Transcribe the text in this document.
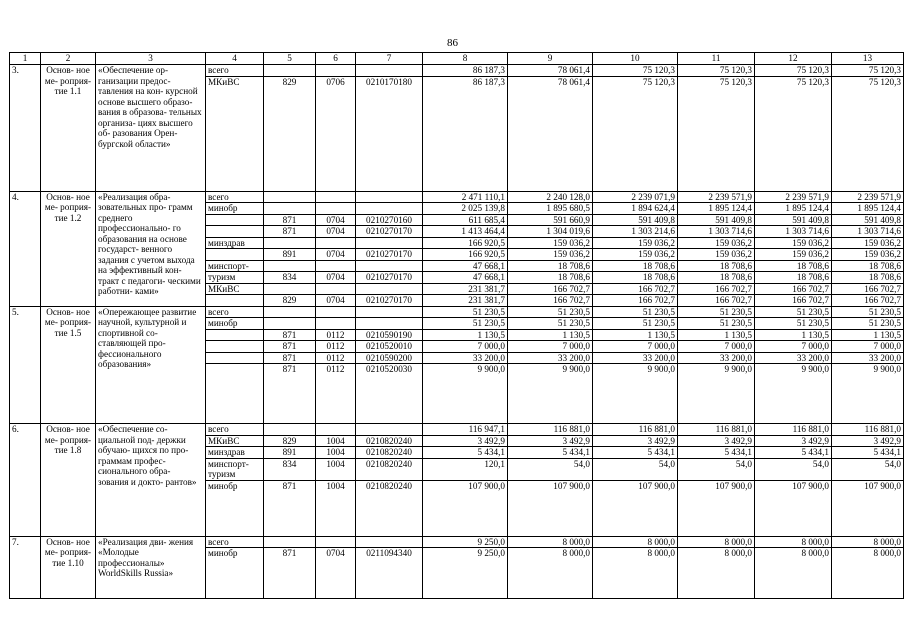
86
1	2	3	4	5	6	7	8	9	10	11	12	13
3.	Основ- ное ме- роприя- тие 1.1	«Обеспечение ор- ганизации предос- тавления на кон- курсной основе высшего образо- вания в образова- тельных организа- циях высшего об- разования Орен- бургской области»	всего				86 187,3	78 061,4	75 120,3	75 120,3	75 120,3	75 120,3
			МКиВС	829	0706	0210170180	86 187,3	78 061,4	75 120,3	75 120,3	75 120,3	75 120,3
4.	Основ- ное ме- роприя- тие 1.2	«Реализация обра- зовательных про- грамм среднего профессионально- го образования на основе государст- венного задания с учетом выхода на эффективный кон- тракт с педагоги- ческими работни- ками»	всего				2 471 110,1	2 240 128,0	2 239 071,9	2 239 571,9	2 239 571,9	2 239 571,9
			минобр				2 025 139,8	1 895 680,5	1 894 624,4	1 895 124,4	1 895 124,4	1 895 124,4
				871	0704	0210270160	611 685,4	591 660,9	591 409,8	591 409,8	591 409,8	591 409,8
				871	0704	0210270170	1 413 464,4	1 304 019,6	1 303 214,6	1 303 714,6	1 303 714,6	1 303 714,6
			минздрав				166 920,5	159 036,2	159 036,2	159 036,2	159 036,2	159 036,2
				891	0704	0210270170	166 920,5	159 036,2	159 036,2	159 036,2	159 036,2	159 036,2
			минспорт-				47 668,1	18 708,6	18 708,6	18 708,6	18 708,6	18 708,6
			туризм	834	0704	0210270170	47 668,1	18 708,6	18 708,6	18 708,6	18 708,6	18 708,6
			МКиВС				231 381,7	166 702,7	166 702,7	166 702,7	166 702,7	166 702,7
				829	0704	0210270170	231 381,7	166 702,7	166 702,7	166 702,7	166 702,7	166 702,7
5.	Основ- ное ме- роприя- тие 1.5	«Опережающее развитие научной, культурной и спортивной со- ставляющей про- фессионального образования»	всего				51 230,5	51 230,5	51 230,5	51 230,5	51 230,5	51 230,5
			минобр				51 230,5	51 230,5	51 230,5	51 230,5	51 230,5	51 230,5
				871	0112	0210590190	1 130,5	1 130,5	1 130,5	1 130,5	1 130,5	1 130,5
				871	0112	0210520010	7 000,0	7 000,0	7 000,0	7 000,0	7 000,0	7 000,0
				871	0112	0210590200	33 200,0	33 200,0	33 200,0	33 200,0	33 200,0	33 200,0
				871	0112	0210520030	9 900,0	9 900,0	9 900,0	9 900,0	9 900,0	9 900,0
6.	Основ- ное ме- роприя- тие 1.8	«Обеспечение со- циальной под- держки обучаю- щихся по про- граммам профес- сионального обра- зования и докто- рантов»	всего				116 947,1	116 881,0	116 881,0	116 881,0	116 881,0	116 881,0
			МКиВС	829	1004	0210820240	3 492,9	3 492,9	3 492,9	3 492,9	3 492,9	3 492,9
			минздрав	891	1004	0210820240	5 434,1	5 434,1	5 434,1	5 434,1	5 434,1	5 434,1
			минспорт- туризм	834	1004	0210820240	120,1	54,0	54,0	54,0	54,0	54,0
			минобр	871	1004	0210820240	107 900,0	107 900,0	107 900,0	107 900,0	107 900,0	107 900,0
7.	Основ- ное ме- роприя- тие 1.10	«Реализация дви- жения «Молодые профессионалы» WorldSkills Russia»	всего				9 250,0	8 000,0	8 000,0	8 000,0	8 000,0	8 000,0
			минобр	871	0704	0211094340	9 250,0	8 000,0	8 000,0	8 000,0	8 000,0	8 000,0
